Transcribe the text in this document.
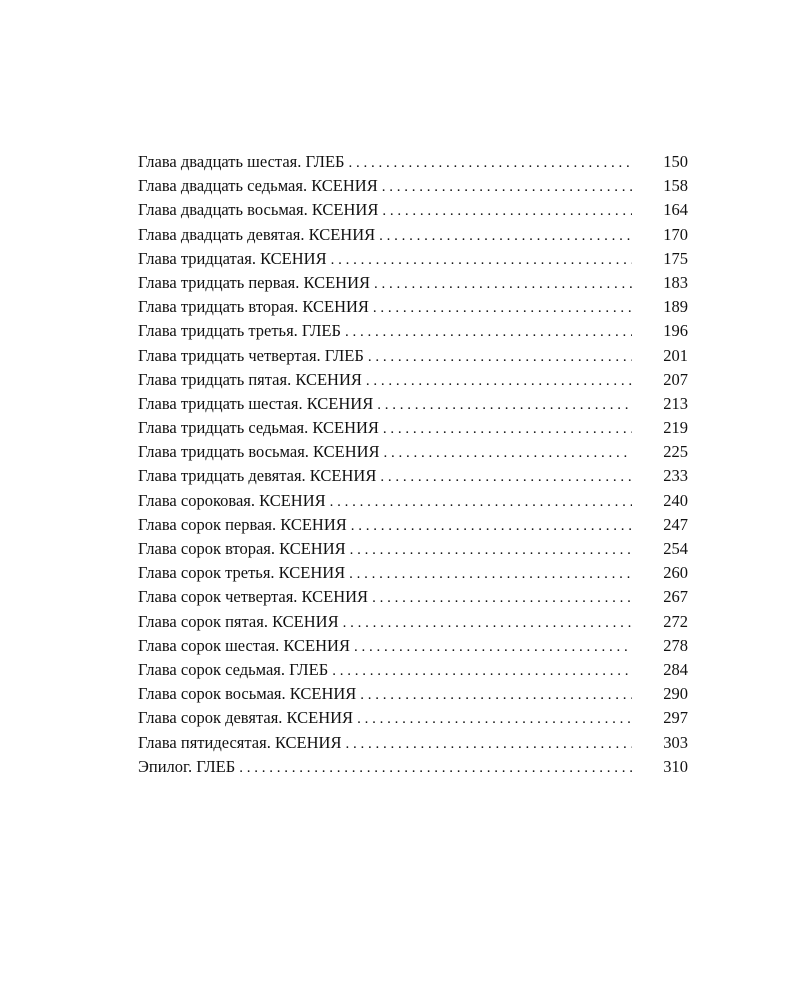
Глава двадцать шестая. ГЛЕБ . . .	150
Глава двадцать седьмая. КСЕНИЯ . . .	158
Глава двадцать восьмая. КСЕНИЯ . . .	164
Глава двадцать девятая. КСЕНИЯ . . .	170
Глава тридцатая. КСЕНИЯ . . .	175
Глава тридцать первая. КСЕНИЯ . . .	183
Глава тридцать вторая. КСЕНИЯ . . .	189
Глава тридцать третья. ГЛЕБ . . .	196
Глава тридцать четвертая. ГЛЕБ . . .	201
Глава тридцать пятая. КСЕНИЯ . . .	207
Глава тридцать шестая. КСЕНИЯ . . .	213
Глава тридцать седьмая. КСЕНИЯ . . .	219
Глава тридцать восьмая. КСЕНИЯ . . .	225
Глава тридцать девятая. КСЕНИЯ . . .	233
Глава сороковая. КСЕНИЯ . . .	240
Глава сорок первая. КСЕНИЯ . . .	247
Глава сорок вторая. КСЕНИЯ . . .	254
Глава сорок третья. КСЕНИЯ . . .	260
Глава сорок четвертая. КСЕНИЯ . . .	267
Глава сорок пятая. КСЕНИЯ . . .	272
Глава сорок шестая. КСЕНИЯ . . .	278
Глава сорок седьмая. ГЛЕБ . . .	284
Глава сорок восьмая. КСЕНИЯ . . .	290
Глава сорок девятая. КСЕНИЯ . . .	297
Глава пятидесятая. КСЕНИЯ . . .	303
Эпилог. ГЛЕБ . . .	310
